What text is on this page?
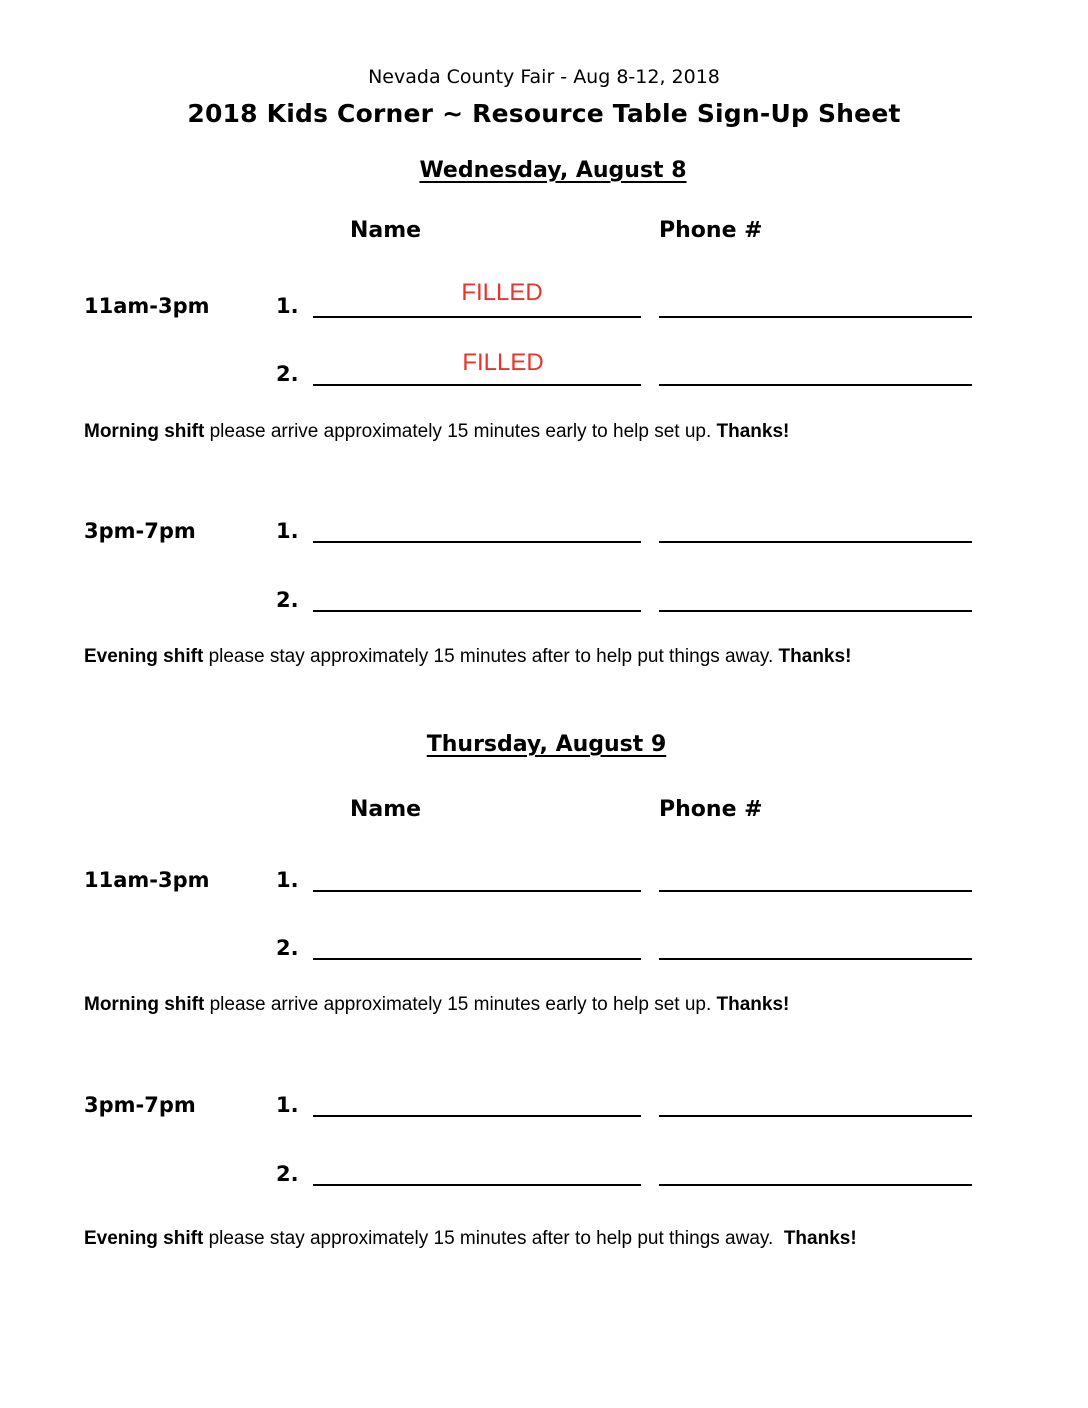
Nevada County Fair - Aug 8-12, 2018
2018 Kids Corner ~ Resource Table Sign-Up Sheet
Wednesday, August 8
Name	Phone #
11am-3pm	1.	FILLED
2.	FILLED
Morning shift please arrive approximately 15 minutes early to help set up. Thanks!
3pm-7pm	1.
2.
Evening shift please stay approximately 15 minutes after to help put things away. Thanks!
Thursday, August 9
Name	Phone #
11am-3pm	1.
2.
Morning shift please arrive approximately 15 minutes early to help set up. Thanks!
3pm-7pm	1.
2.
Evening shift please stay approximately 15 minutes after to help put things away.  Thanks!
